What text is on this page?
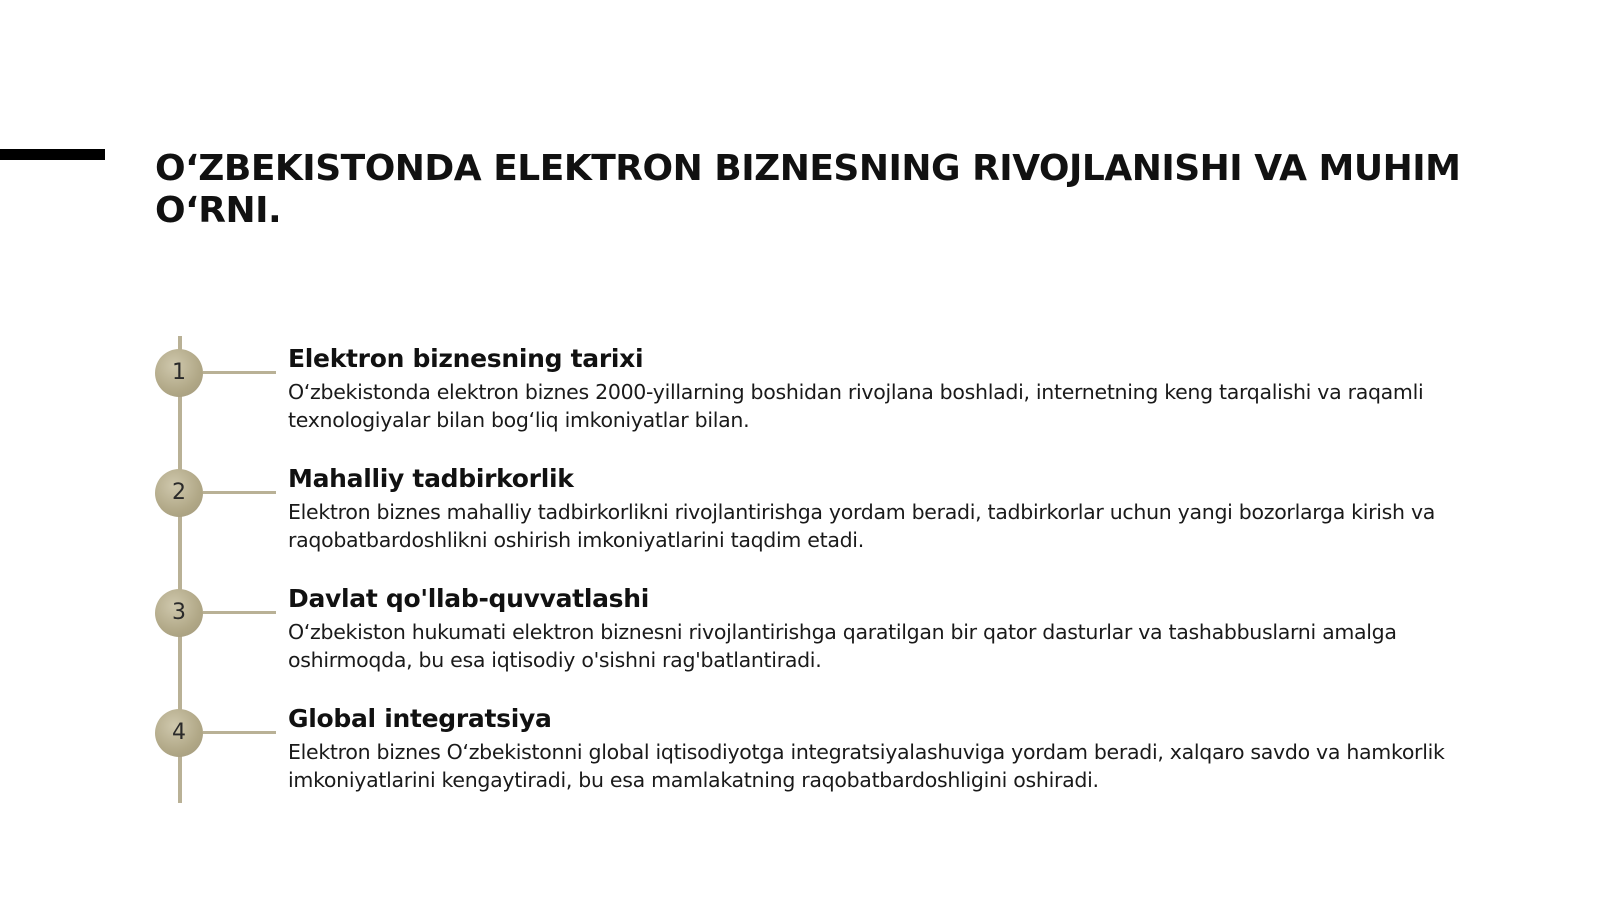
O‘ZBEKISTONDA ELEKTRON BIZNESNING RIVOJLANISHI VA MUHIM O‘RNI.
1	Elektron biznesning tarixi

O‘zbekistonda elektron biznes 2000-yillarning boshidan rivojlana boshladi, internetning keng tarqalishi va raqamli texnologiyalar bilan bog‘liq imkoniyatlar bilan.

2	Mahalliy tadbirkorlik

Elektron biznes mahalliy tadbirkorlikni rivojlantirishga yordam beradi, tadbirkorlar uchun yangi bozorlarga kirish va raqobatbardoshlikni oshirish imkoniyatlarini taqdim etadi.

3	Davlat qo'llab-quvvatlashi

O‘zbekiston hukumati elektron biznesni rivojlantirishga qaratilgan bir qator dasturlar va tashabbuslarni amalga oshirmoqda, bu esa iqtisodiy o'sishni rag'batlantiradi.

4	Global integratsiya

Elektron biznes O‘zbekistonni global iqtisodiyotga integratsiyalashuviga yordam beradi, xalqaro savdo va hamkorlik imkoniyatlarini kengaytiradi, bu esa mamlakatning raqobatbardoshligini oshiradi.
